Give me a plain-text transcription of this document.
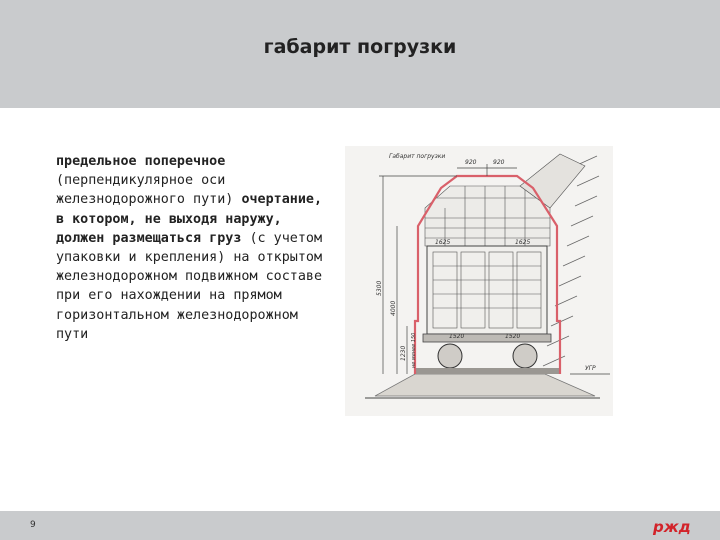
габарит погрузки
предельное поперечное (перпендикулярное оси железнодорожного пути) очертание, в котором, не выходя наружу, должен размещаться груз (с учетом упаковки и крепления) на открытом железнодорожном подвижном составе при его нахождении на прямом горизонтальном железнодорожном пути
Габарит погрузки
920	920
1625	1625
5300
4000
1230 не менее 150	1520	1520
УГР
9	ржд
